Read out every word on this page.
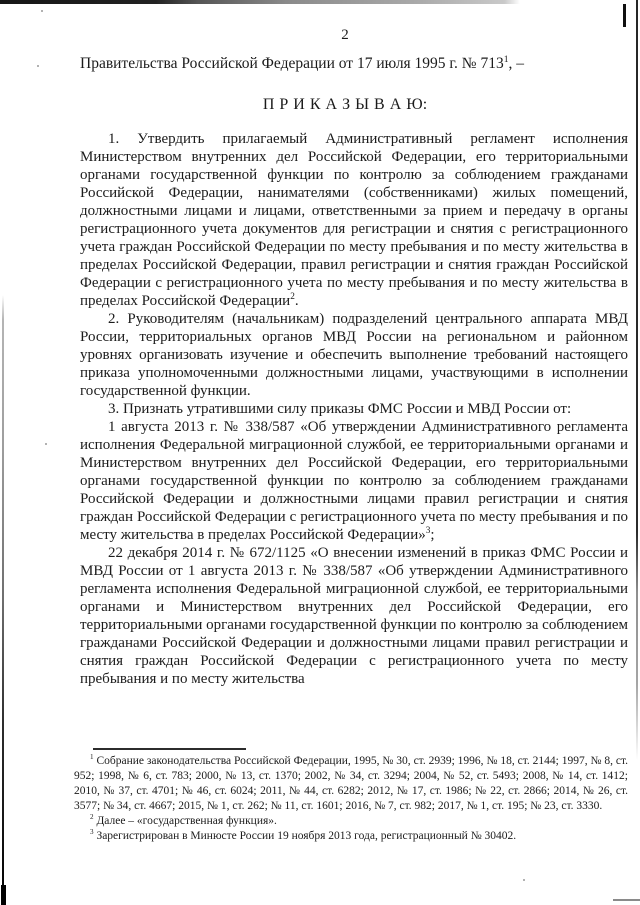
2
Правительства Российской Федерации от 17 июля 1995 г. № $713^1$, –
П Р И К А З Ы В А Ю:

1. Утвердить прилагаемый Административный регламент исполнения Министерством внутренних дел Российской Федерации, его территориальными органами государственной функции по контролю за соблюдением гражданами Российской Федерации, нанимателями (собственниками) жилых помещений, должностными лицами и лицами, ответственными за прием и передачу в органы регистрационного учета документов для регистрации и снятия с регистрационного учета граждан Российской Федерации по месту пребывания и по месту жительства в пределах Российской Федерации, правил регистрации и снятия граждан Российской Федерации с регистрационного учета по месту пребывания и по месту жительства в пределах Российской Федерации$^2$.

2. Руководителям (начальникам) подразделений центрального аппарата МВД России, территориальных органов МВД России на региональном и районном уровнях организовать изучение и обеспечить выполнение требований настоящего приказа уполномоченными должностными лицами, участвующими в исполнении государственной функции.

3. Признать утратившими силу приказы ФМС России и МВД России от:

1 августа 2013 г. № 338/587 «Об утверждении Административного регламента исполнения Федеральной миграционной службой, ее территориальными органами и Министерством внутренних дел Российской Федерации, его территориальными органами государственной функции по контролю за соблюдением гражданами Российской Федерации и должностными лицами правил регистрации и снятия граждан Российской Федерации с регистрационного учета по месту пребывания и по месту жительства в пределах Российской Федерации»$^3$;

22 декабря 2014 г. № 672/1125 «О внесении изменений в приказ ФМС России и МВД России от 1 августа 2013 г. № 338/587 «Об утверждении Административного регламента исполнения Федеральной миграционной службой, ее территориальными органами и Министерством внутренних дел Российской Федерации, его территориальными органами государственной функции по контролю за соблюдением гражданами Российской Федерации и должностными лицами правил регистрации и снятия граждан Российской Федерации с регистрационного учета по месту пребывания и по месту жительства

$^1$ Собрание законодательства Российской Федерации, 1995, № 30, ст. 2939; 1996, № 18, ст. 2144; 1997, № 8, ст. 952; 1998, № 6, ст. 783; 2000, № 13, ст. 1370; 2002, № 34, ст. 3294; 2004, № 52, ст. 5493; 2008, № 14, ст. 1412; 2010, № 37, ст. 4701; № 46, ст. 6024; 2011, № 44, ст. 6282; 2012, № 17, ст. 1986; № 22, ст. 2866; 2014, № 26, ст. 3577; № 34, ст. 4667; 2015, № 1, ст. 262; № 11, ст. 1601; 2016, № 7, ст. 982; 2017, № 1, ст. 195; № 23, ст. 3330.

$^2$ Далее – «государственная функция».

$^3$ Зарегистрирован в Минюсте России 19 ноября 2013 года, регистрационный № 30402.
